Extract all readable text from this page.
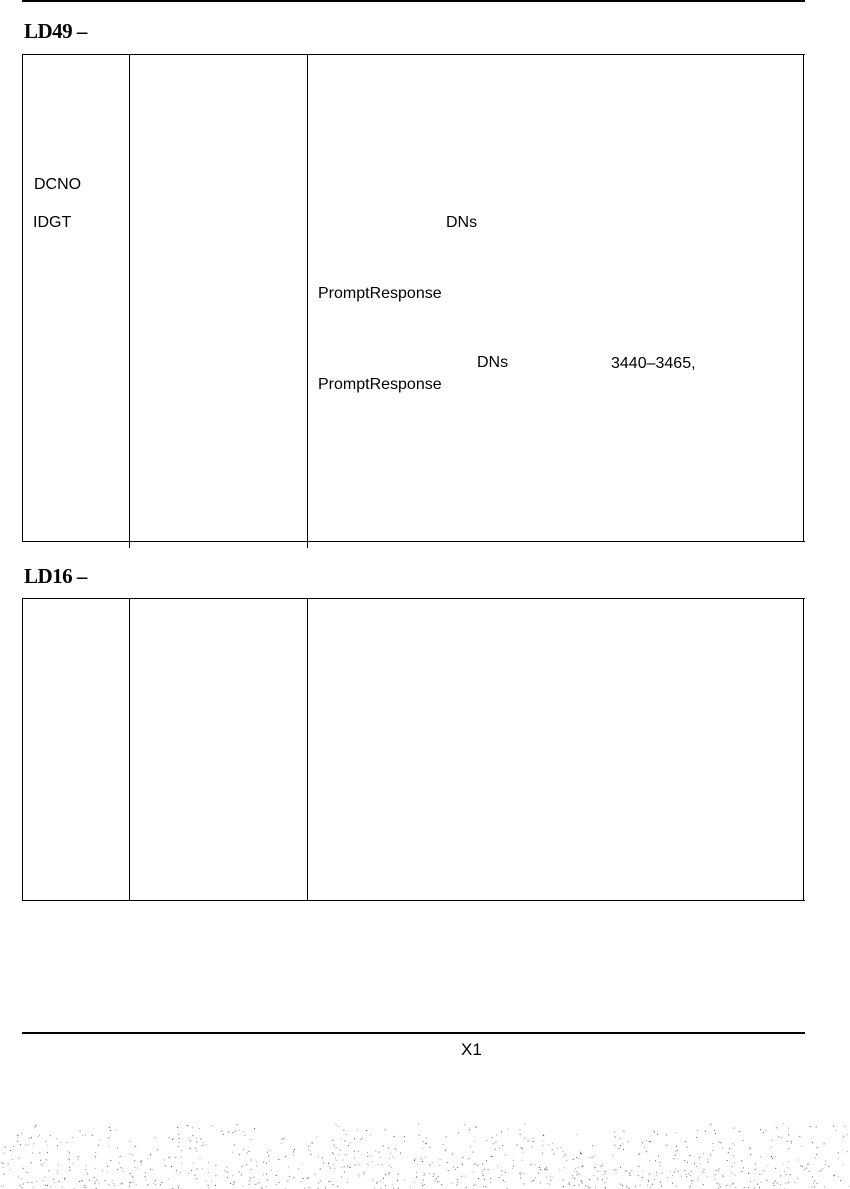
LD49 –
DCNO
IDGT	DNs
PromptResponse
DNs	3440–3465,
PromptResponse
LD16 –
X1
